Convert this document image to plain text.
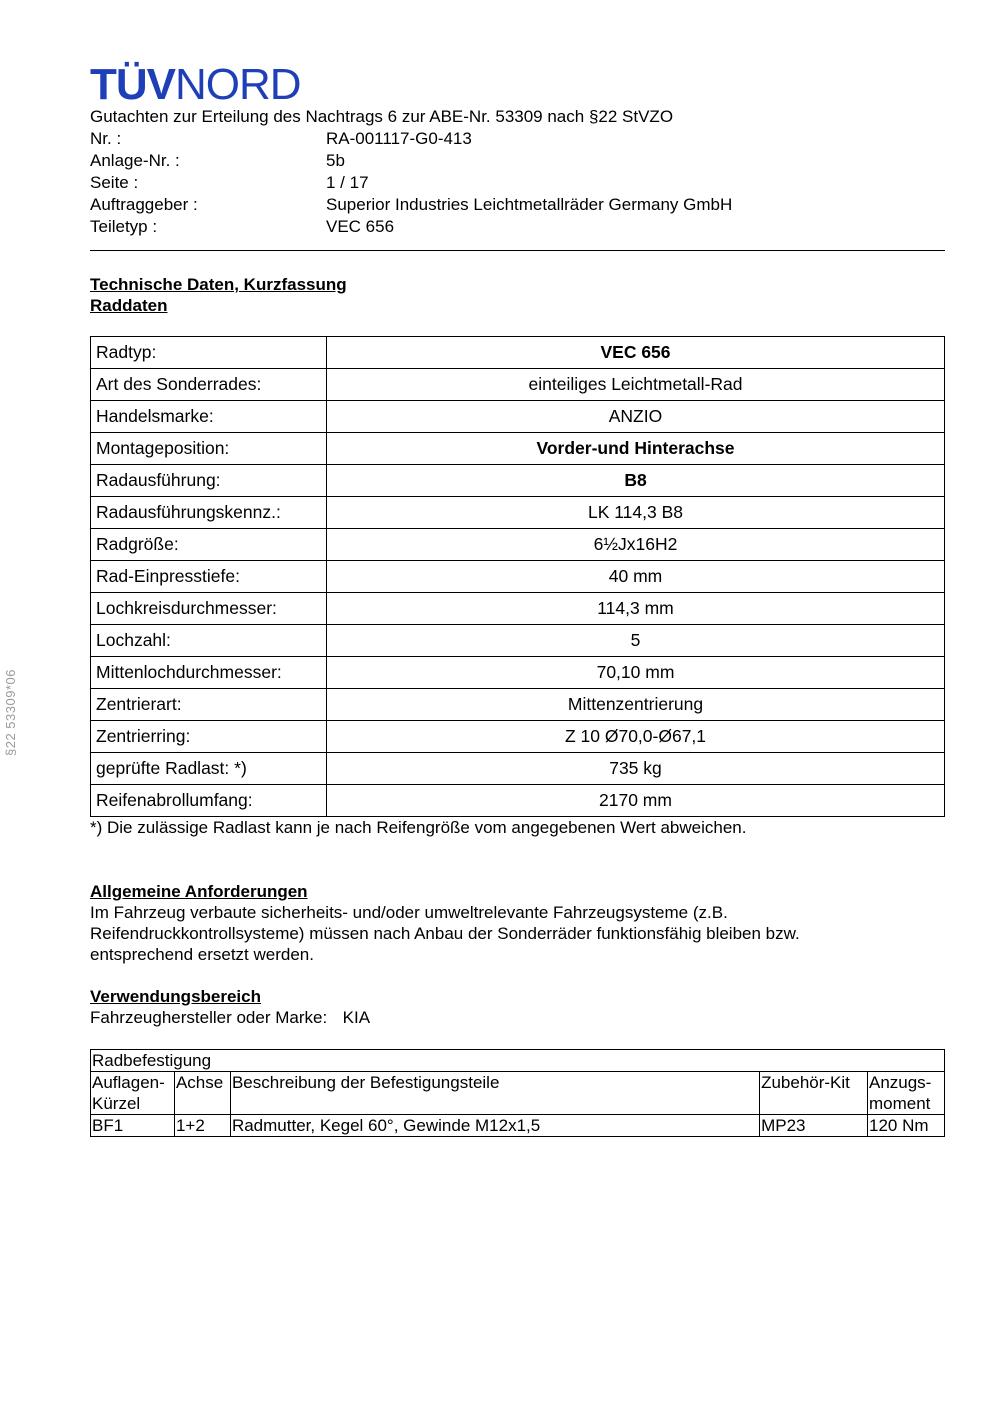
§22 53309*06
TÜVNORD
Gutachten zur Erteilung des Nachtrags 6 zur ABE-Nr. 53309 nach §22 StVZO
Nr. :	RA-001117-G0-413
Anlage-Nr. :	5b
Seite :	1 / 17
Auftraggeber :	Superior Industries Leichtmetallräder Germany GmbH
Teiletyp :	VEC 656
Technische Daten, Kurzfassung
Raddaten
Radtyp:	VEC 656
Art des Sonderrades:	einteiliges Leichtmetall-Rad
Handelsmarke:	ANZIO
Montageposition:	Vorder-und Hinterachse
Radausführung:	B8
Radausführungskennz.:	LK 114,3 B8
Radgröße:	6½Jx16H2
Rad-Einpresstiefe:	40 mm
Lochkreisdurchmesser:	114,3 mm
Lochzahl:	5
Mittenlochdurchmesser:	70,10 mm
Zentrierart:	Mittenzentrierung
Zentrierring:	Z 10 Ø70,0-Ø67,1
geprüfte Radlast: *)	735 kg
Reifenabrollumfang:	2170 mm
*) Die zulässige Radlast kann je nach Reifengröße vom angegebenen Wert abweichen.
Allgemeine Anforderungen
Im Fahrzeug verbaute sicherheits- und/oder umweltrelevante Fahrzeugsysteme (z.B.
Reifendruckkontrollsysteme) müssen nach Anbau der Sonderräder funktionsfähig bleiben bzw.
entsprechend ersetzt werden.
Verwendungsbereich
Fahrzeughersteller oder Marke: KIA
Radbefestigung				
Auflagen-Kürzel	Achse	Beschreibung der Befestigungsteile	Zubehör-Kit	Anzugs-moment
BF1	1+2	Radmutter, Kegel 60°, Gewinde M12x1,5	MP23	120 Nm
